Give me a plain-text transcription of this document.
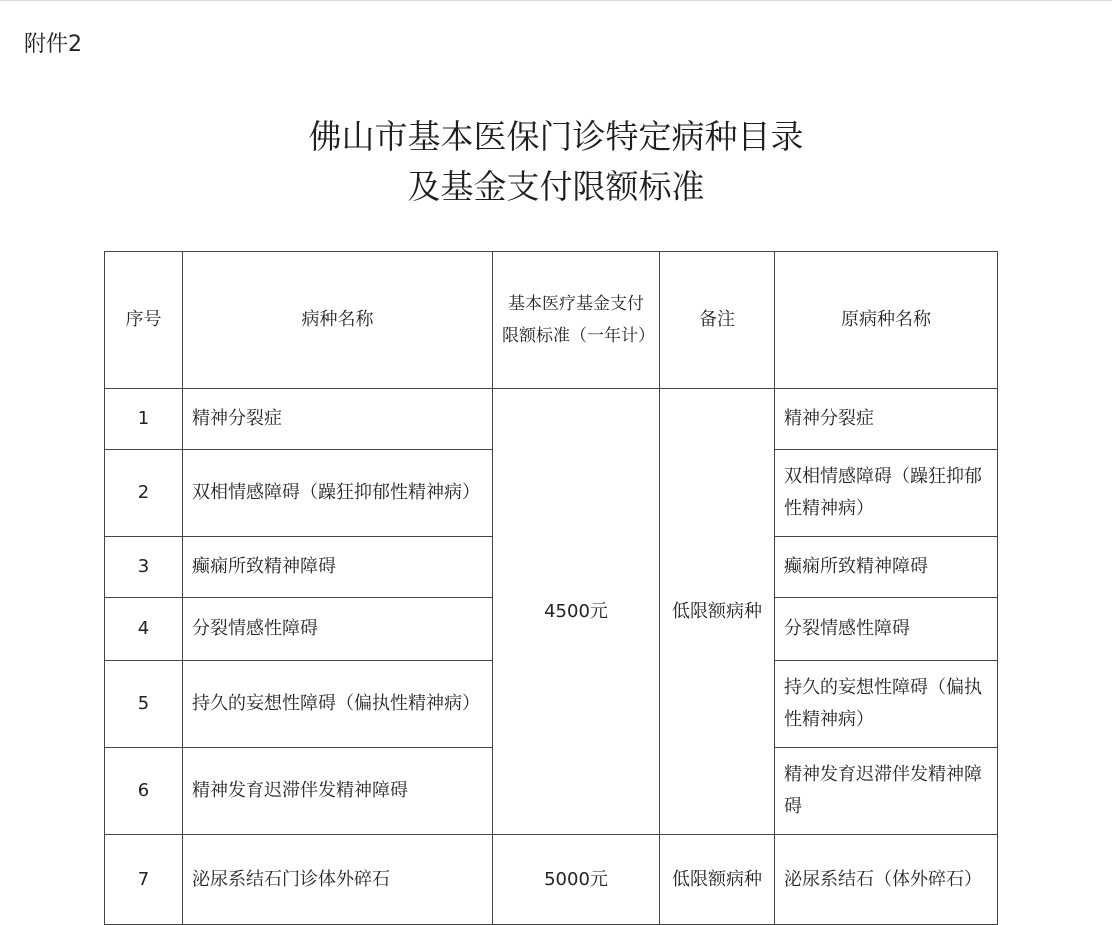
附件2
佛山市基本医保门诊特定病种目录
及基金支付限额标准
序号	病种名称	基本医疗基金支付限额标准（一年计）	备注	原病种名称
1	精神分裂症	4500元	低限额病种	精神分裂症
2	双相情感障碍（躁狂抑郁性精神病）			双相情感障碍（躁狂抑郁性精神病）
3	癫痫所致精神障碍			癫痫所致精神障碍
4	分裂情感性障碍			分裂情感性障碍
5	持久的妄想性障碍（偏执性精神病）			持久的妄想性障碍（偏执性精神病）
6	精神发育迟滞伴发精神障碍			精神发育迟滞伴发精神障碍
7	泌尿系结石门诊体外碎石	5000元	低限额病种	泌尿系结石（体外碎石）
